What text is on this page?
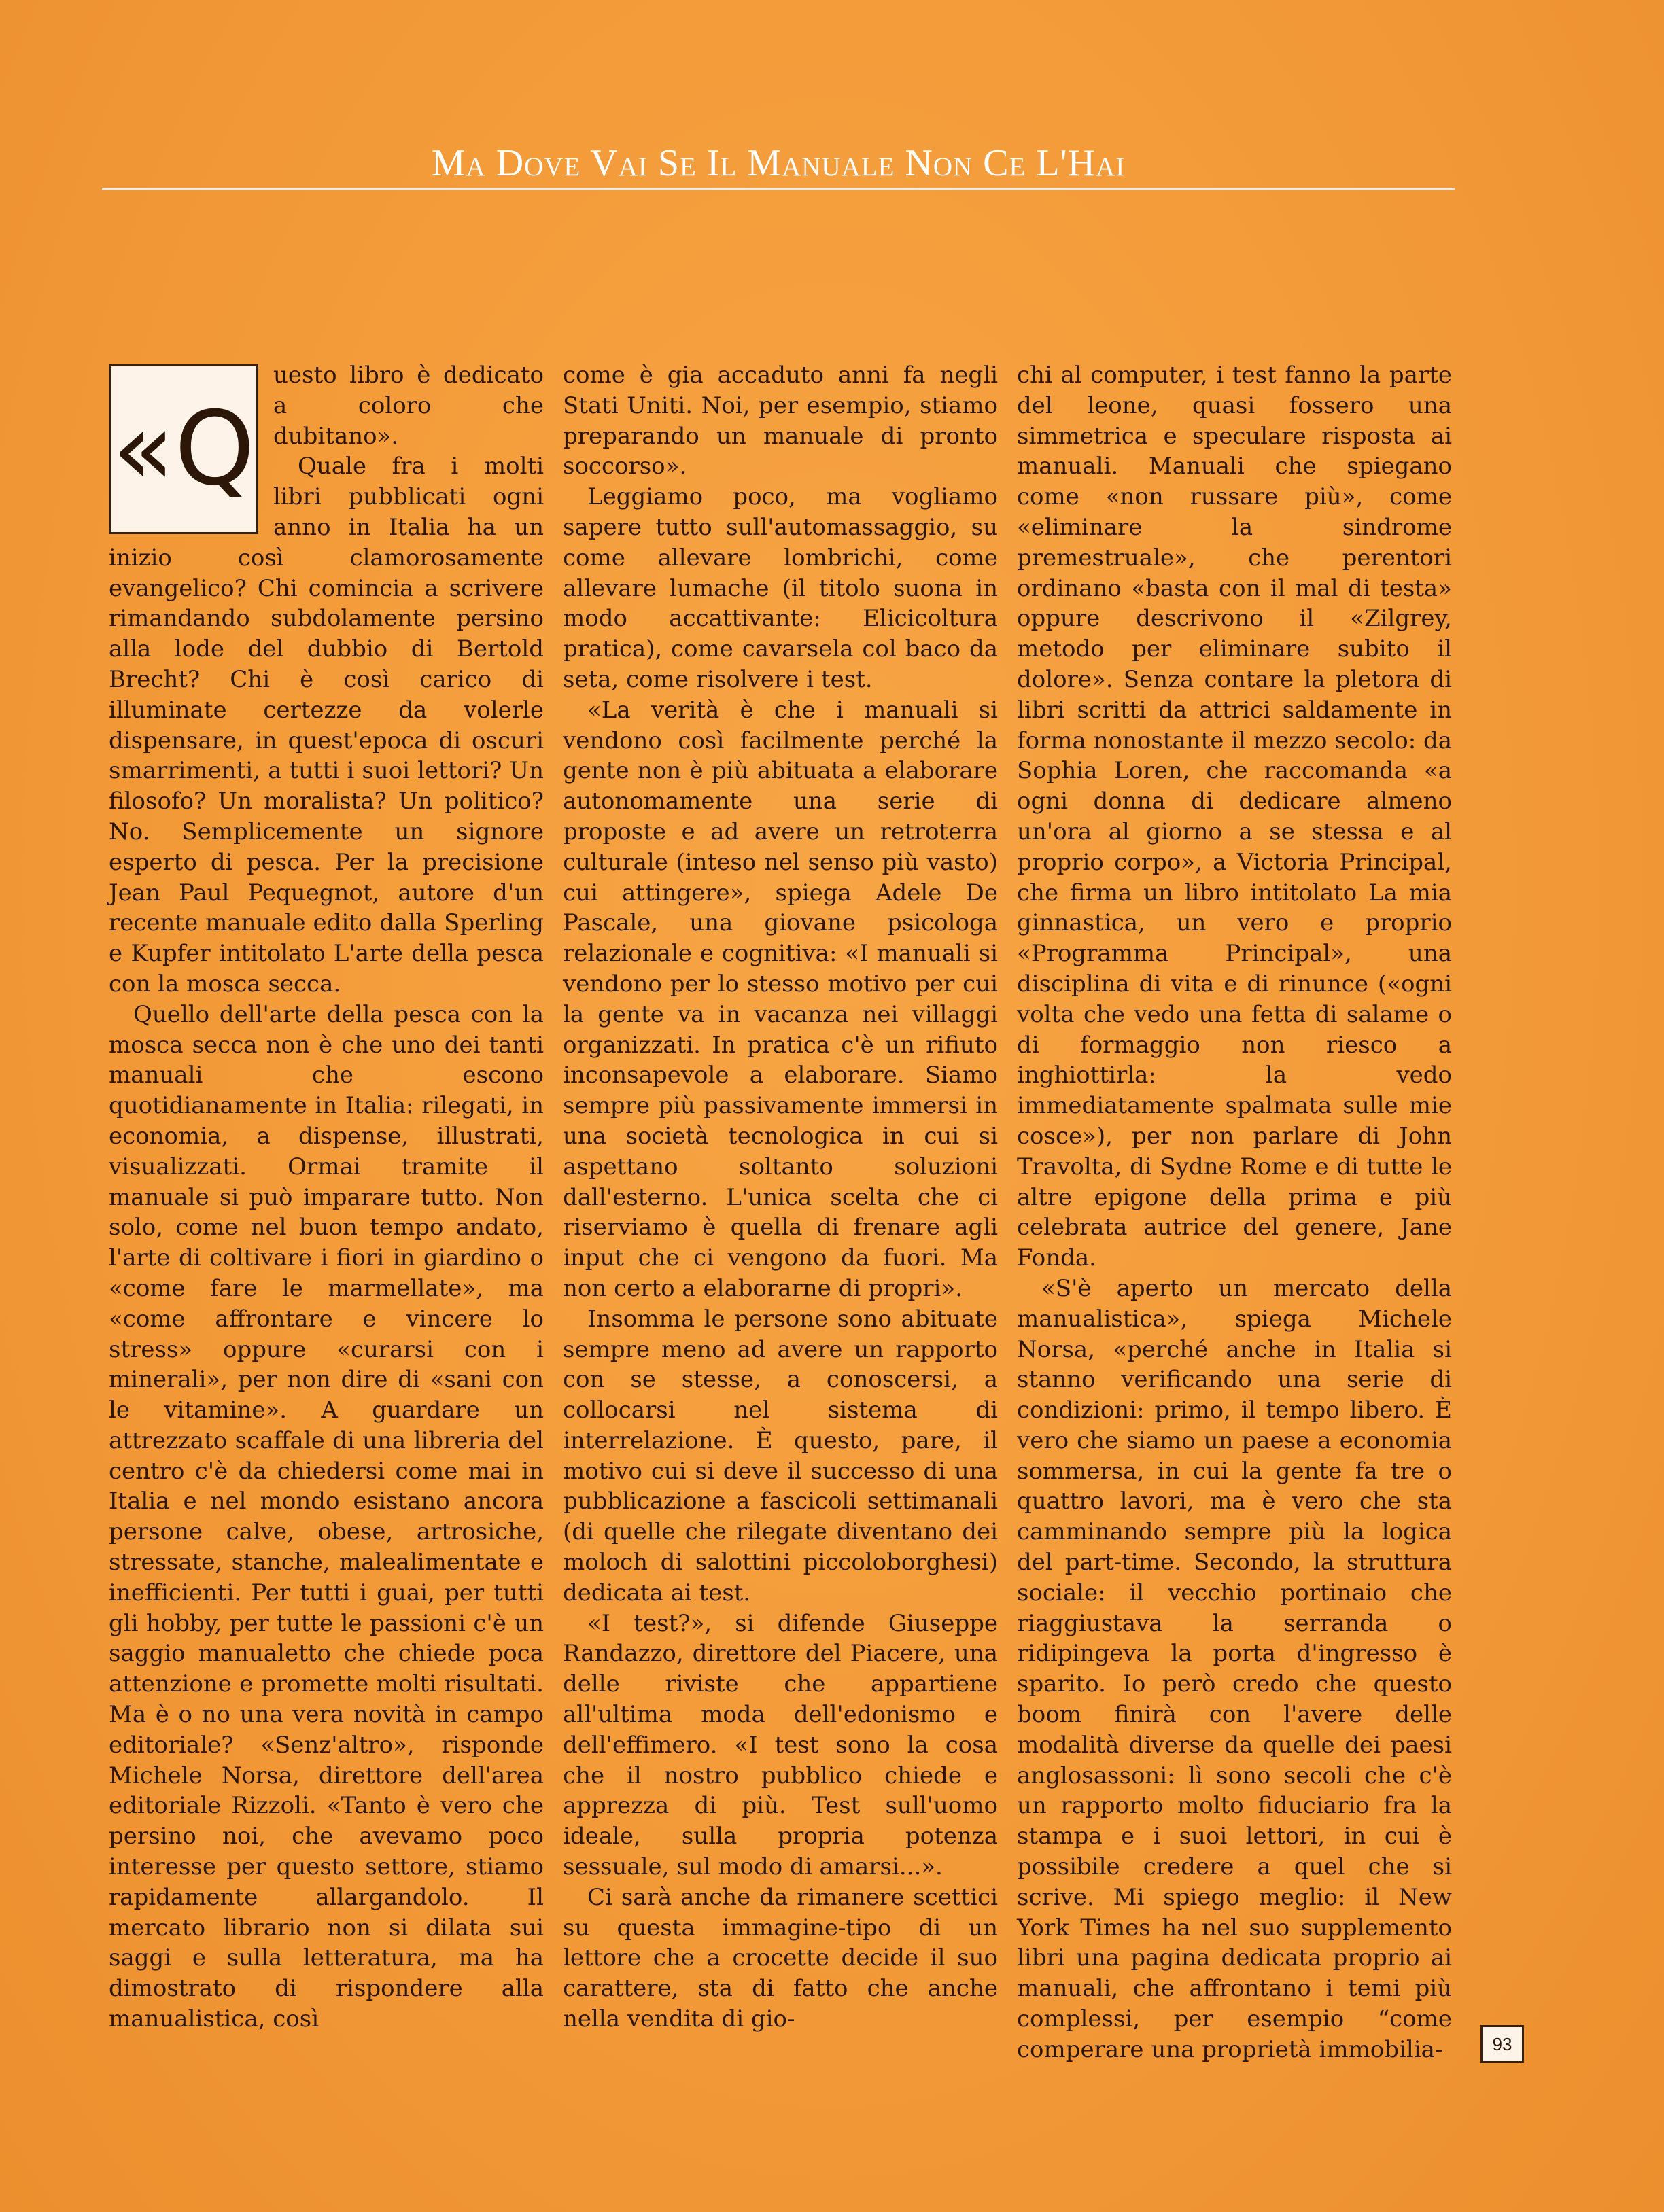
Ma Dove Vai Se Il Manuale Non Ce L'Hai
«Q

uesto libro è dedicato a coloro che dubitano».

Quale fra i molti libri pubblicati ogni anno in Italia ha un inizio così clamorosamente evangelico? Chi comincia a scrivere rimandando subdolamente persino alla lode del dubbio di Bertold Brecht? Chi è così carico di illuminate certezze da volerle dispensare, in quest'epoca di oscuri smarrimenti, a tutti i suoi lettori? Un filosofo? Un moralista? Un politico? No. Semplicemente un signore esperto di pesca. Per la precisione Jean Paul Pequegnot, autore d'un recente manuale edito dalla Sperling e Kupfer intitolato L'arte della pesca con la mosca secca.

Quello dell'arte della pesca con la mosca secca non è che uno dei tanti manuali che escono quotidianamente in Italia: rilegati, in economia, a dispense, illustrati, visualizzati. Ormai tramite il manuale si può imparare tutto. Non solo, come nel buon tempo andato, l'arte di coltivare i fiori in giardino o «come fare le marmellate», ma «come affrontare e vincere lo stress» oppure «curarsi con i minerali», per non dire di «sani con le vitamine». A guardare un attrezzato scaffale di una libreria del centro c'è da chiedersi come mai in Italia e nel mondo esistano ancora persone calve, obese, artrosiche, stressate, stanche, malealimentate e inefficienti. Per tutti i guai, per tutti gli hobby, per tutte le passioni c'è un saggio manualetto che chiede poca attenzione e promette molti risultati. Ma è o no una vera novità in campo editoriale? «Senz'altro», risponde Michele Norsa, direttore dell'area editoriale Rizzoli. «Tanto è vero che persino noi, che avevamo poco interesse per questo settore, stiamo rapidamente allargandolo. Il mercato librario non si dilata sui saggi e sulla letteratura, ma ha dimostrato di rispondere alla manualistica, così

come è gia accaduto anni fa negli Stati Uniti. Noi, per esempio, stiamo preparando un manuale di pronto soccorso».

Leggiamo poco, ma vogliamo sapere tutto sull'automassaggio, su come allevare lombrichi, come allevare lumache (il titolo suona in modo accattivante: Elicicoltura pratica), come cavarsela col baco da seta, come risolvere i test.

«La verità è che i manuali si vendono così facilmente perché la gente non è più abituata a elaborare autonomamente una serie di proposte e ad avere un retroterra culturale (inteso nel senso più vasto) cui attingere», spiega Adele De Pascale, una giovane psicologa relazionale e cognitiva: «I manuali si vendono per lo stesso motivo per cui la gente va in vacanza nei villaggi organizzati. In pratica c'è un rifiuto inconsapevole a elaborare. Siamo sempre più passivamente immersi in una società tecnologica in cui si aspettano soltanto soluzioni dall'esterno. L'unica scelta che ci riserviamo è quella di frenare agli input che ci vengono da fuori. Ma non certo a elaborarne di propri».

Insomma le persone sono abituate sempre meno ad avere un rapporto con se stesse, a conoscersi, a collocarsi nel sistema di interrelazione. È questo, pare, il motivo cui si deve il successo di una pubblicazione a fascicoli settimanali (di quelle che rilegate diventano dei moloch di salottini piccoloborghesi) dedicata ai test.

«I test?», si difende Giuseppe Randazzo, direttore del Piacere, una delle riviste che appartiene all'ultima moda dell'edonismo e dell'effimero. «I test sono la cosa che il nostro pubblico chiede e apprezza di più. Test sull'uomo ideale, sulla propria potenza sessuale, sul modo di amarsi...».

Ci sarà anche da rimanere scettici su questa immagine-tipo di un lettore che a crocette decide il suo carattere, sta di fatto che anche nella vendita di gio-

chi al computer, i test fanno la parte del leone, quasi fossero una simmetrica e speculare risposta ai manuali. Manuali che spiegano come «non russare più», come «eliminare la sindrome premestruale», che perentori ordinano «basta con il mal di testa» oppure descrivono il «Zilgrey, metodo per eliminare subito il dolore». Senza contare la pletora di libri scritti da attrici saldamente in forma nonostante il mezzo secolo: da Sophia Loren, che raccomanda «a ogni donna di dedicare almeno un'ora al giorno a se stessa e al proprio corpo», a Victoria Principal, che firma un libro intitolato La mia ginnastica, un vero e proprio «Programma Principal», una disciplina di vita e di rinunce («ogni volta che vedo una fetta di salame o di formaggio non riesco a inghiottirla: la vedo immediatamente spalmata sulle mie cosce»), per non parlare di John Travolta, di Sydne Rome e di tutte le altre epigone della prima e più celebrata autrice del genere, Jane Fonda.

«S'è aperto un mercato della manualistica», spiega Michele Norsa, «perché anche in Italia si stanno verificando una serie di condizioni: primo, il tempo libero. È vero che siamo un paese a economia sommersa, in cui la gente fa tre o quattro lavori, ma è vero che sta camminando sempre più la logica del part-time. Secondo, la struttura sociale: il vecchio portinaio che riaggiustava la serranda o ridipingeva la porta d'ingresso è sparito. Io però credo che questo boom finirà con l'avere delle modalità diverse da quelle dei paesi anglosassoni: lì sono secoli che c'è un rapporto molto fiduciario fra la stampa e i suoi lettori, in cui è possibile credere a quel che si scrive. Mi spiego meglio: il New York Times ha nel suo supplemento libri una pagina dedicata proprio ai manuali, che affrontano i temi più complessi, per esempio “come comperare una proprietà immobilia-	93
